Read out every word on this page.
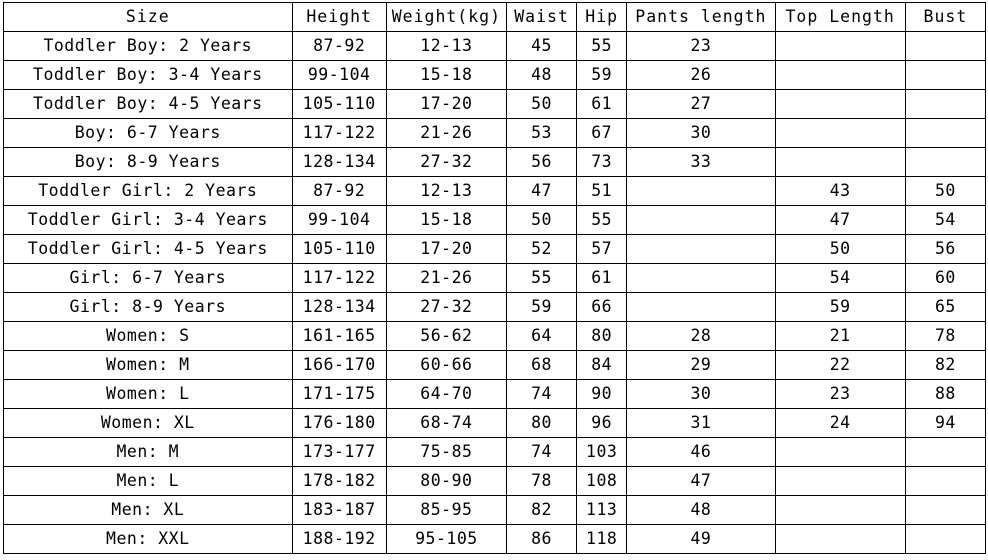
Size	Height	Weight(kg)	Waist	Hip	Pants length	Top Length	Bust
Toddler Boy: 2 Years	87-92	12-13	45	55	23		
Toddler Boy: 3-4 Years	99-104	15-18	48	59	26		
Toddler Boy: 4-5 Years	105-110	17-20	50	61	27		
Boy: 6-7 Years	117-122	21-26	53	67	30		
Boy: 8-9 Years	128-134	27-32	56	73	33		
Toddler Girl: 2 Years	87-92	12-13	47	51		43	50
Toddler Girl: 3-4 Years	99-104	15-18	50	55		47	54
Toddler Girl: 4-5 Years	105-110	17-20	52	57		50	56
Girl: 6-7 Years	117-122	21-26	55	61		54	60
Girl: 8-9 Years	128-134	27-32	59	66		59	65
Women: S	161-165	56-62	64	80	28	21	78
Women: M	166-170	60-66	68	84	29	22	82
Women: L	171-175	64-70	74	90	30	23	88
Women: XL	176-180	68-74	80	96	31	24	94
Men: M	173-177	75-85	74	103	46		
Men: L	178-182	80-90	78	108	47		
Men: XL	183-187	85-95	82	113	48		
Men: XXL	188-192	95-105	86	118	49		
